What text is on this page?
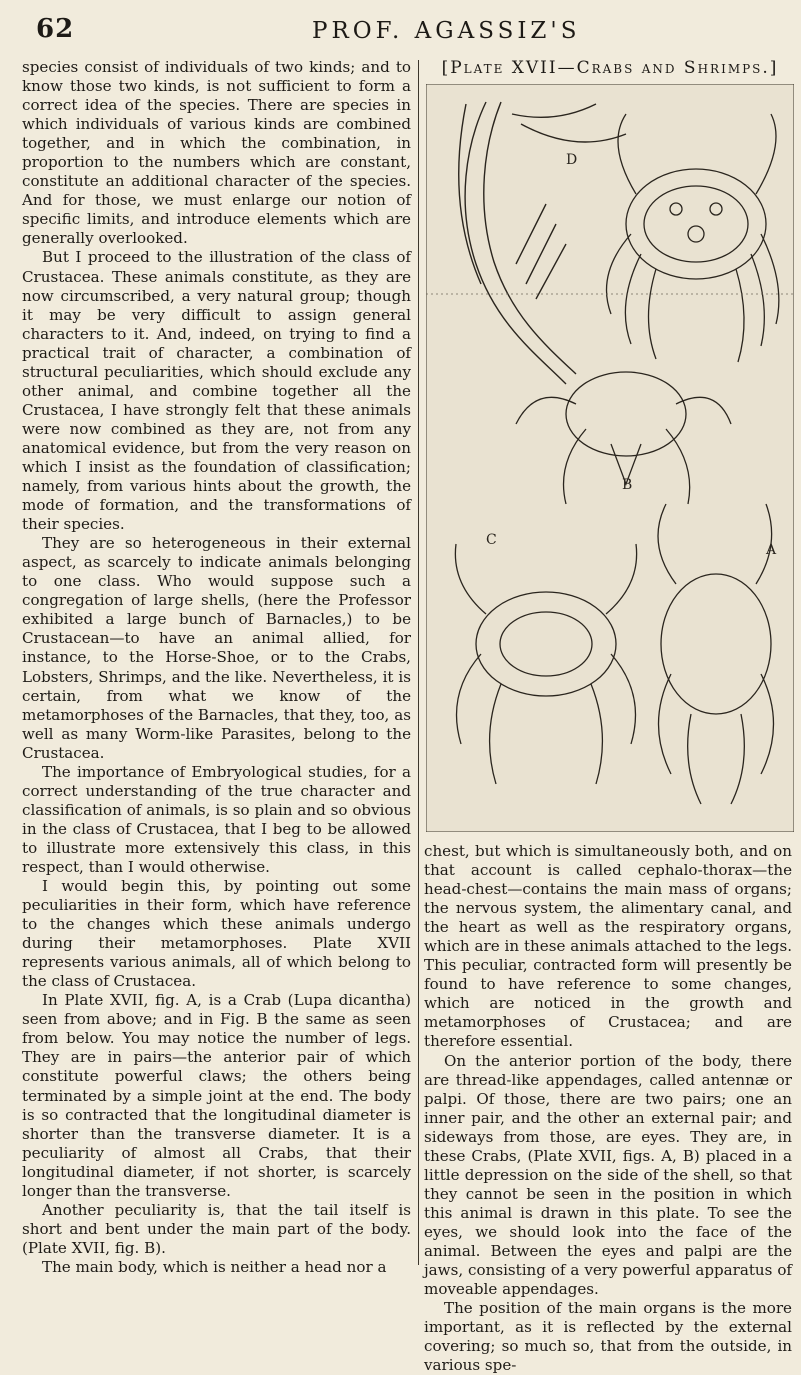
62	PROF. AGASSIZ'S

species consist of individuals of two kinds; and to know those two kinds, is not sufficient to form a correct idea of the species. There are species in which individuals of various kinds are combined together, and in which the combination, in proportion to the numbers which are constant, constitute an additional character of the species. And for those, we must enlarge our notion of specific limits, and introduce elements which are generally overlooked.

But I proceed to the illustration of the class of Crustacea. These animals constitute, as they are now circumscribed, a very natural group; though it may be very difficult to assign general characters to it. And, indeed, on trying to find a practical trait of character, a combination of structural peculiarities, which should exclude any other animal, and combine together all the Crustacea, I have strongly felt that these animals were now combined as they are, not from any anatomical evidence, but from the very reason on which I insist as the foundation of classification; namely, from various hints about the growth, the mode of formation, and the transformations of their species.

They are so heterogeneous in their external aspect, as scarcely to indicate animals belonging to one class. Who would suppose such a congregation of large shells, (here the Professor exhibited a large bunch of Barnacles,) to be Crustacean—to have an animal allied, for instance, to the Horse-Shoe, or to the Crabs, Lobsters, Shrimps, and the like. Nevertheless, it is certain, from what we know of the metamorphoses of the Barnacles, that they, too, as well as many Worm-like Parasites, belong to the Crustacea.

The importance of Embryological studies, for a correct understanding of the true character and classification of animals, is so plain and so obvious in the class of Crustacea, that I beg to be allowed to illustrate more extensively this class, in this respect, than I would otherwise.

I would begin this, by pointing out some peculiarities in their form, which have reference to the changes which these animals undergo during their metamorphoses. Plate XVII represents various animals, all of which belong to the class of Crustacea.

In Plate XVII, fig. A, is a Crab (Lupa dicantha) seen from above; and in Fig. B the same as seen from below. You may notice the number of legs. They are in pairs—the anterior pair of which constitute powerful claws; the others being terminated by a simple joint at the end. The body is so contracted that the longitudinal diameter is shorter than the transverse diameter. It is a peculiarity of almost all Crabs, that their longitudinal diameter, if not shorter, is scarcely longer than the transverse.

Another peculiarity is, that the tail itself is short and bent under the main part of the body. (Plate XVII, fig. B).

The main body, which is neither a head nor a

[Plate XVII—Crabs and Shrimps.]
D
B
C
A

chest, but which is simultaneously both, and on that account is called cephalo-thorax—the head-chest—contains the main mass of organs; the nervous system, the alimentary canal, and the heart as well as the respiratory organs, which are in these animals attached to the legs. This peculiar, contracted form will presently be found to have reference to some changes, which are noticed in the growth and metamorphoses of Crustacea; and are therefore essential.

On the anterior portion of the body, there are thread-like appendages, called antennæ or palpi. Of those, there are two pairs; one an inner pair, and the other an external pair; and sideways from those, are eyes. They are, in these Crabs, (Plate XVII, figs. A, B) placed in a little depression on the side of the shell, so that they cannot be seen in the position in which this animal is drawn in this plate. To see the eyes, we should look into the face of the animal. Between the eyes and palpi are the jaws, consisting of a very powerful apparatus of moveable appendages.

The position of the main organs is the more important, as it is reflected by the external covering; so much so, that from the outside, in various spe-
